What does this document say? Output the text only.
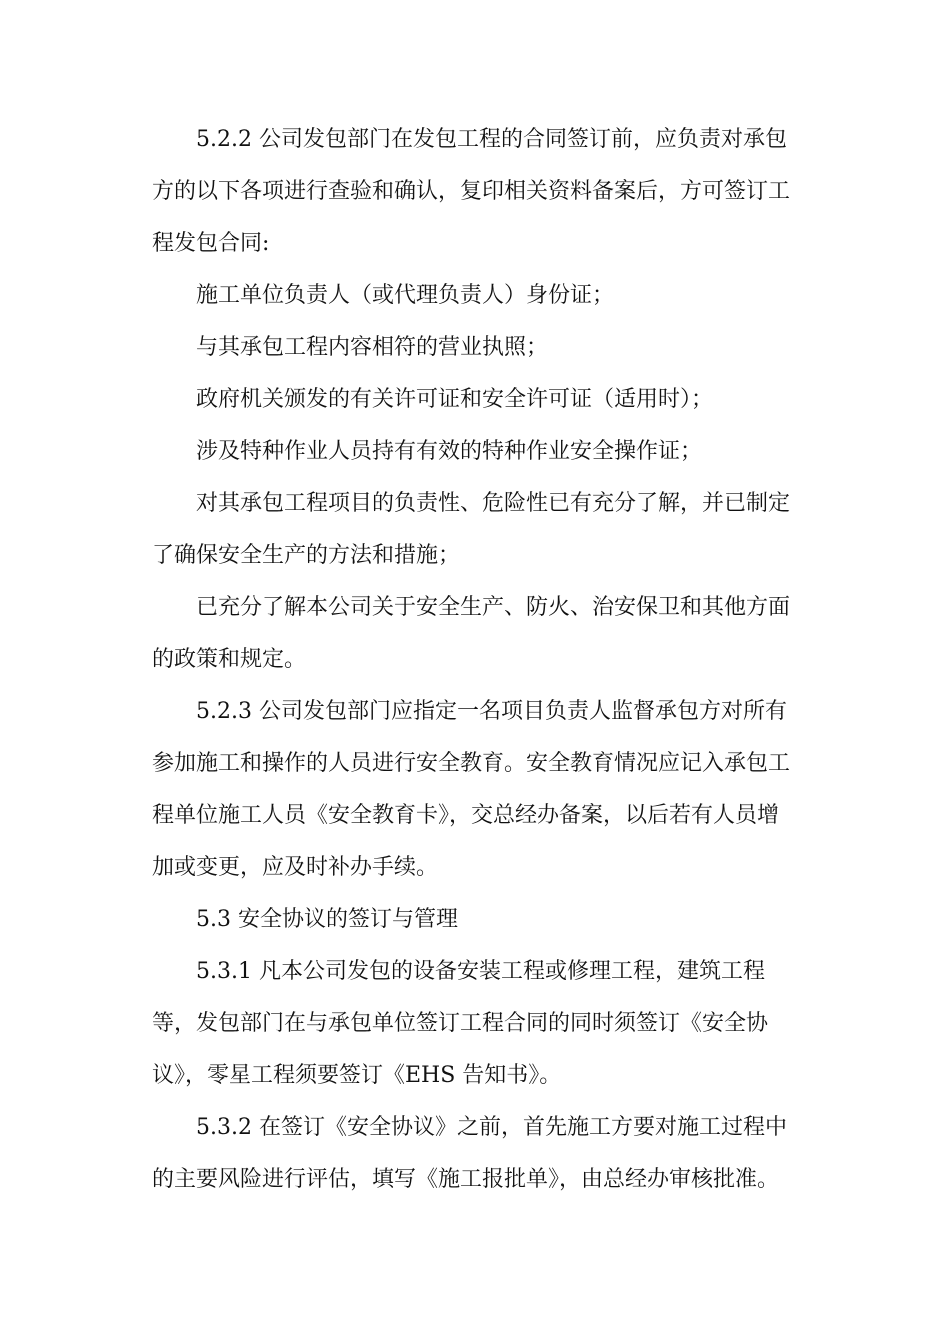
5.2.2 公司发包部门在发包工程的合同签订前，应负责对承包
方的以下各项进行查验和确认，复印相关资料备案后，方可签订工
程发包合同:

施工单位负责人（或代理负责人）身份证；

与其承包工程内容相符的营业执照；

政府机关颁发的有关许可证和安全许可证（适用时）；

涉及特种作业人员持有有效的特种作业安全操作证；

对其承包工程项目的负责性、危险性已有充分了解，并已制定
了确保安全生产的方法和措施；

已充分了解本公司关于安全生产、防火、治安保卫和其他方面
的政策和规定。

5.2.3 公司发包部门应指定一名项目负责人监督承包方对所有
参加施工和操作的人员进行安全教育。安全教育情况应记入承包工
程单位施工人员《安全教育卡》，交总经办备案，以后若有人员增
加或变更，应及时补办手续。

5.3 安全协议的签订与管理

5.3.1 凡本公司发包的设备安装工程或修理工程，建筑工程
等，发包部门在与承包单位签订工程合同的同时须签订《安全协
议》，零星工程须要签订《EHS 告知书》。

5.3.2 在签订《安全协议》之前，首先施工方要对施工过程中
的主要风险进行评估，填写《施工报批单》，由总经办审核批准。
